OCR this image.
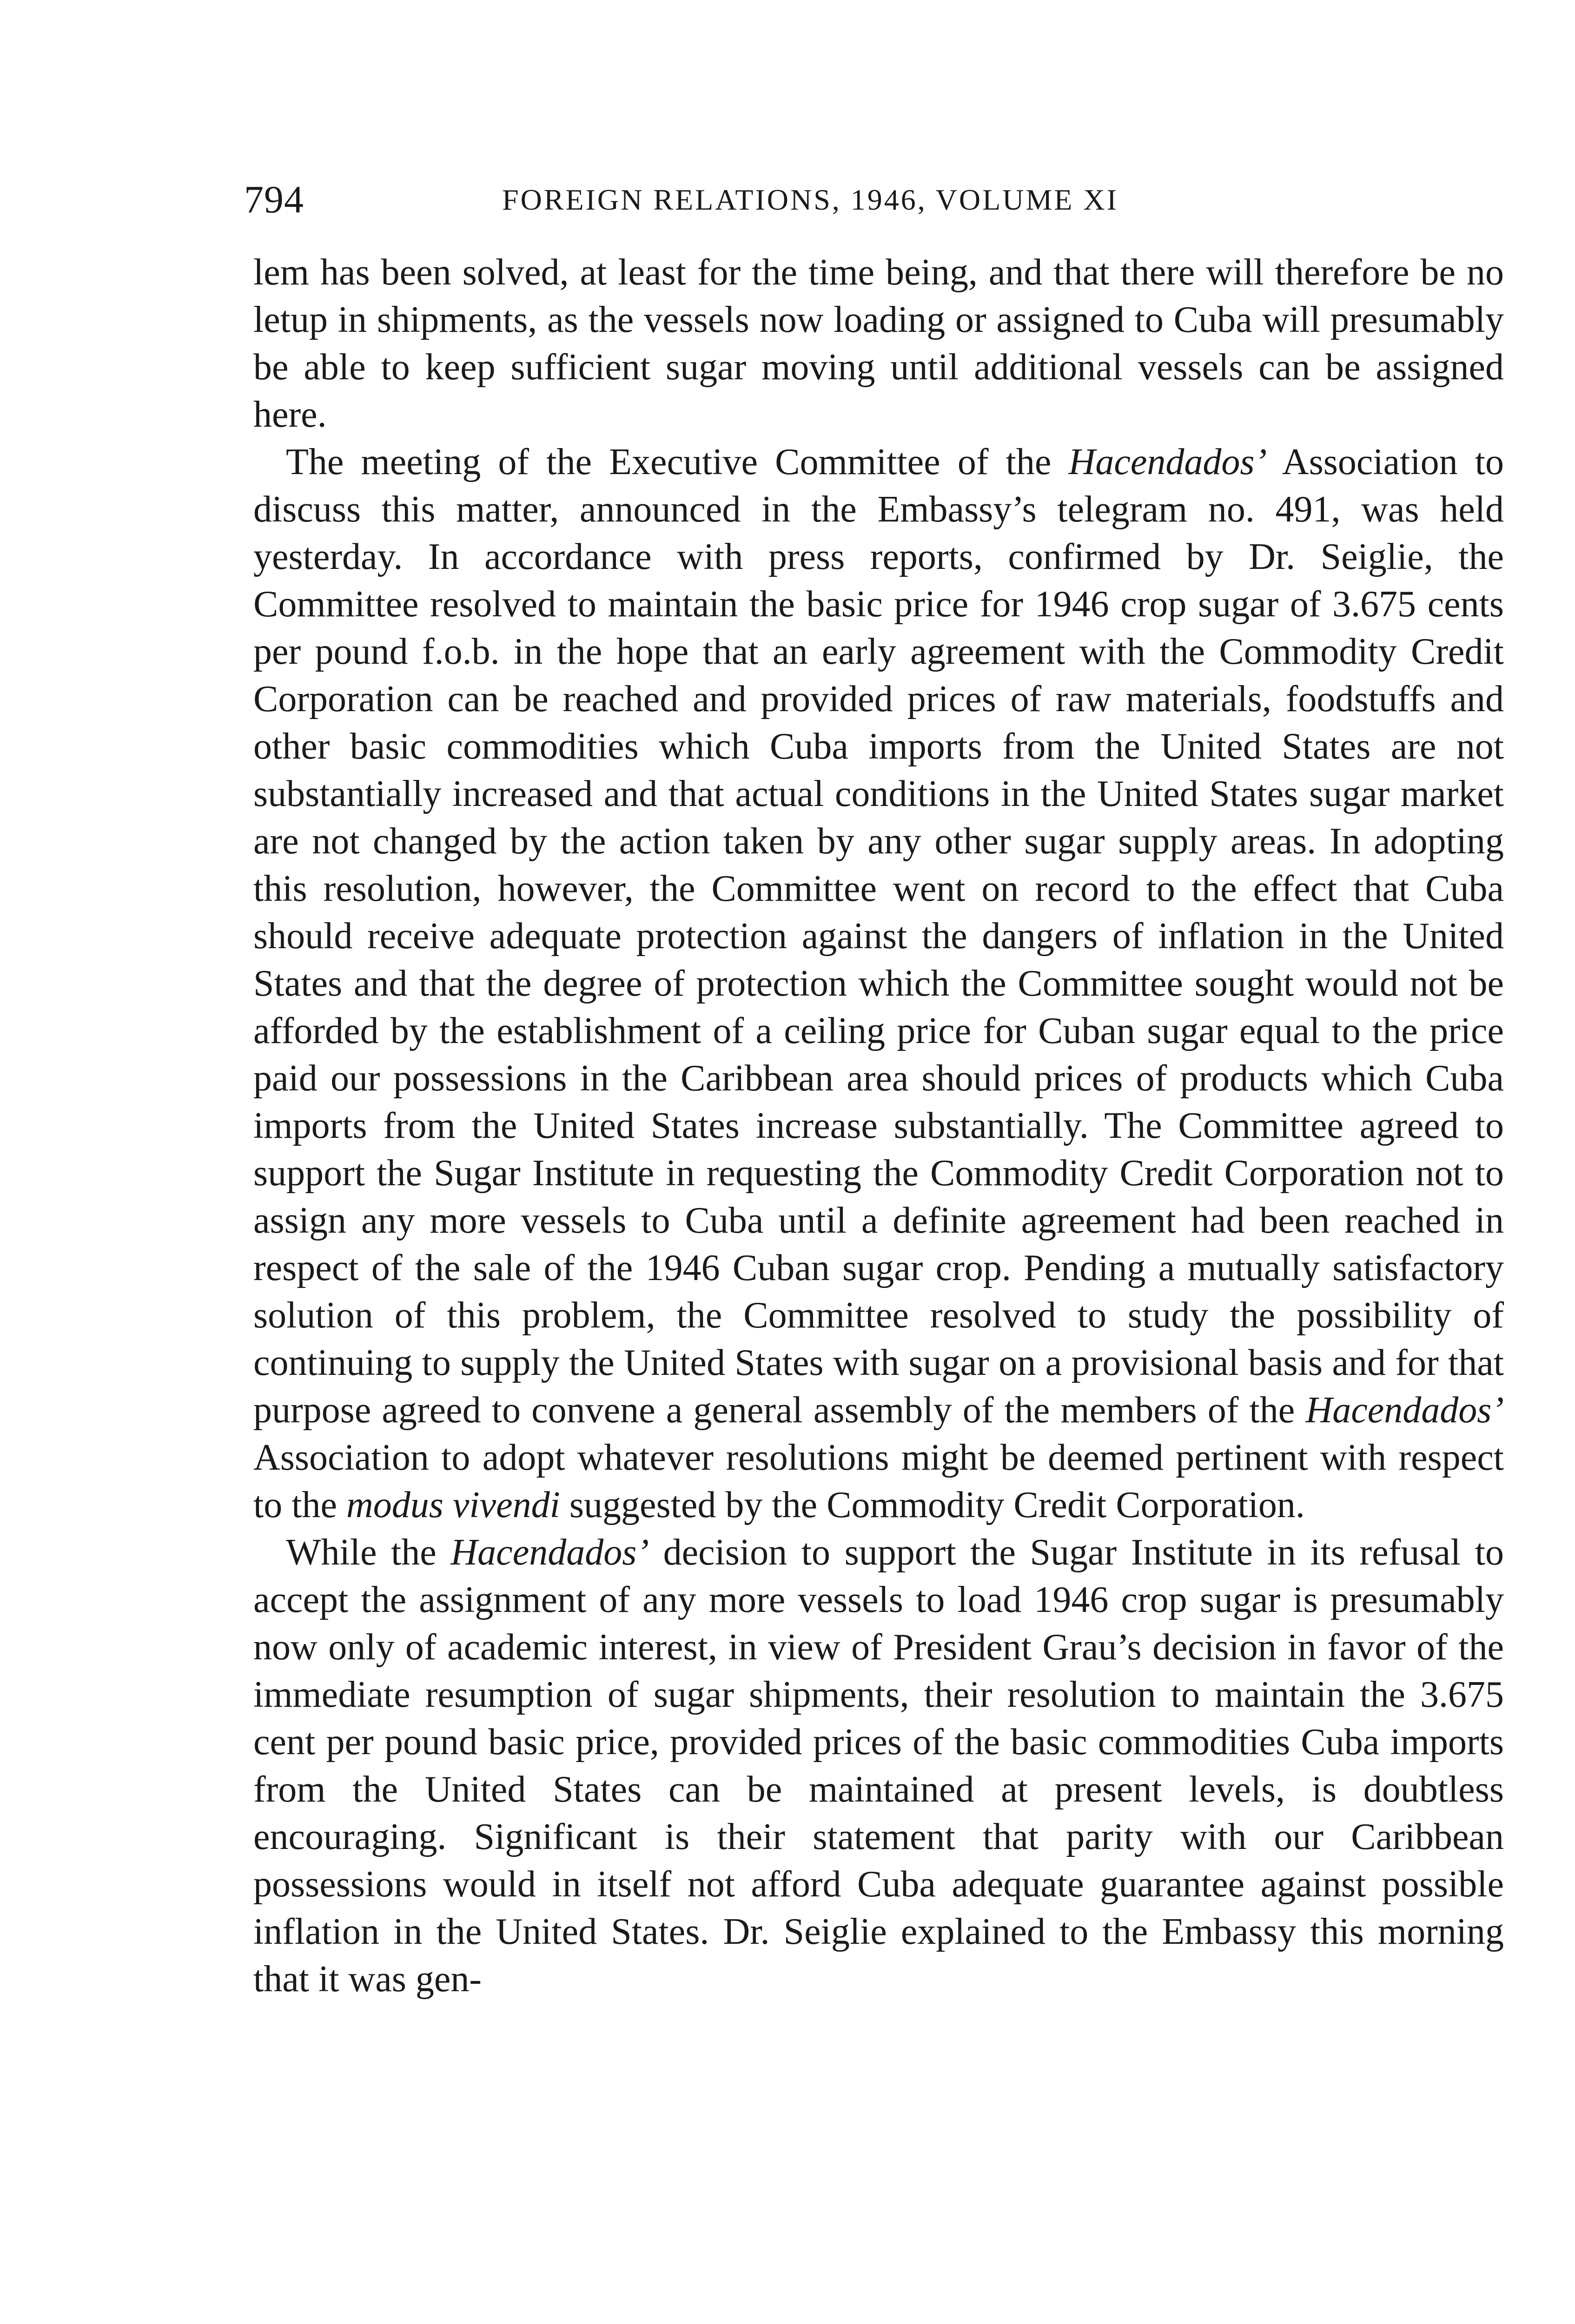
794	FOREIGN RELATIONS, 1946, VOLUME XI

lem has been solved, at least for the time being, and that there will therefore be no letup in shipments, as the vessels now loading or assigned to Cuba will presumably be able to keep sufficient sugar moving until additional vessels can be assigned here.

The meeting of the Executive Committee of the Hacendados’ Association to discuss this matter, announced in the Embassy’s telegram no. 491, was held yesterday. In accordance with press reports, confirmed by Dr. Seiglie, the Committee resolved to maintain the basic price for 1946 crop sugar of 3.675 cents per pound f.o.b. in the hope that an early agreement with the Commodity Credit Corporation can be reached and provided prices of raw materials, foodstuffs and other basic commodities which Cuba imports from the United States are not substantially increased and that actual conditions in the United States sugar market are not changed by the action taken by any other sugar supply areas. In adopting this resolution, however, the Committee went on record to the effect that Cuba should receive adequate protection against the dangers of inflation in the United States and that the degree of protection which the Committee sought would not be afforded by the establishment of a ceiling price for Cuban sugar equal to the price paid our possessions in the Caribbean area should prices of products which Cuba imports from the United States increase substantially. The Committee agreed to support the Sugar Institute in requesting the Commodity Credit Corporation not to assign any more vessels to Cuba until a definite agreement had been reached in respect of the sale of the 1946 Cuban sugar crop. Pending a mutually satisfactory solution of this problem, the Committee resolved to study the possibility of continuing to supply the United States with sugar on a provisional basis and for that purpose agreed to convene a general assembly of the members of the Hacendados’ Association to adopt whatever resolutions might be deemed pertinent with respect to the modus vivendi suggested by the Commodity Credit Corporation.

While the Hacendados’ decision to support the Sugar Institute in its refusal to accept the assignment of any more vessels to load 1946 crop sugar is presumably now only of academic interest, in view of President Grau’s decision in favor of the immediate resumption of sugar shipments, their resolution to maintain the 3.675 cent per pound basic price, provided prices of the basic commodities Cuba imports from the United States can be maintained at present levels, is doubtless encouraging. Significant is their statement that parity with our Caribbean possessions would in itself not afford Cuba adequate guarantee against possible inflation in the United States. Dr. Seiglie explained to the Embassy this morning that it was gen-
